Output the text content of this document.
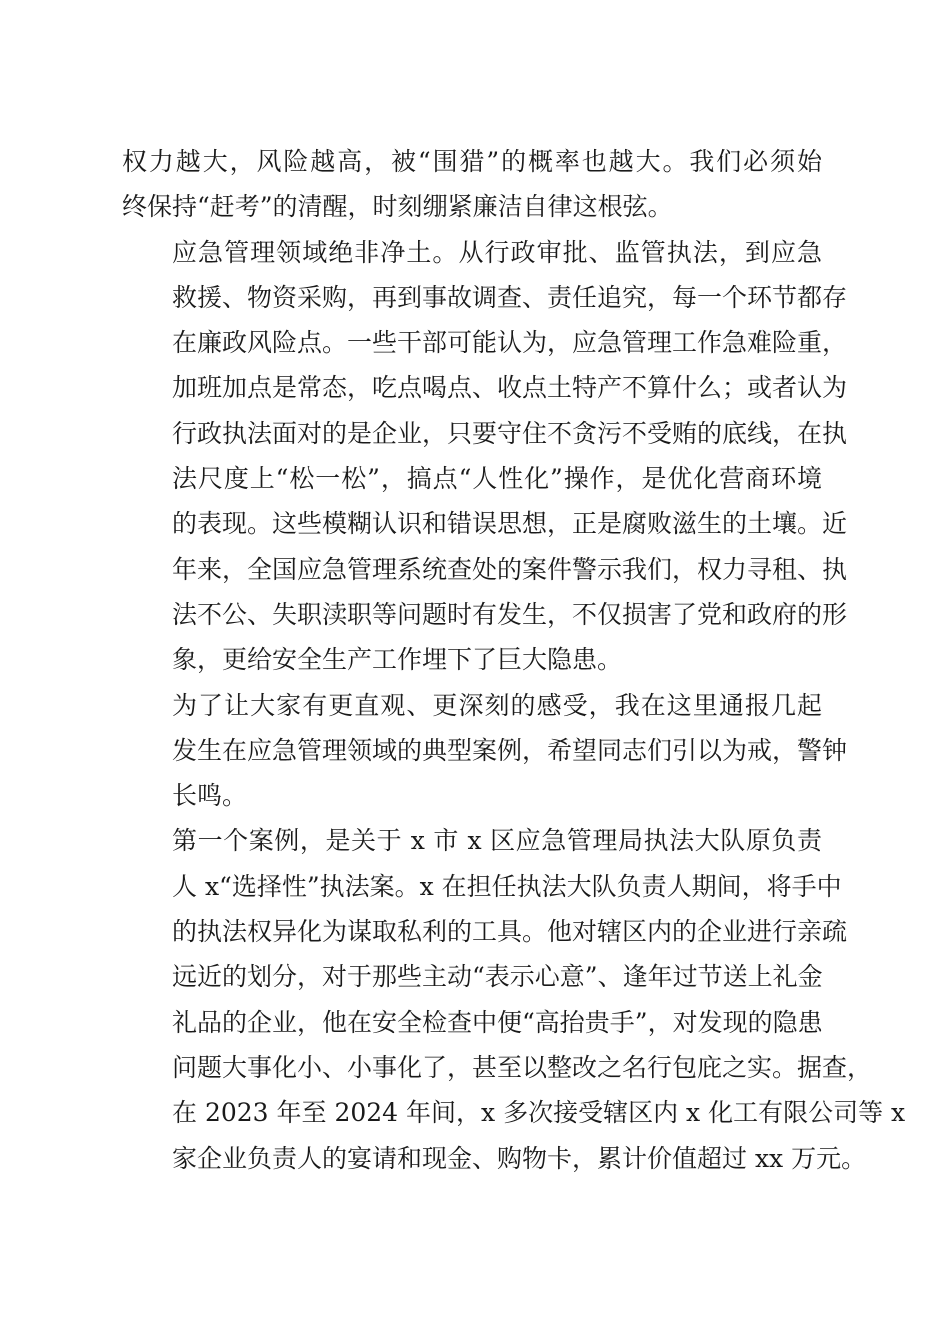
权力越大，风险越高，被“围猎”的概率也越大。我们必须始
终保持“赶考”的清醒，时刻绷紧廉洁自律这根弦。

应急管理领域绝非净土。从行政审批、监管执法，到应急
救援、物资采购，再到事故调查、责任追究，每一个环节都存
在廉政风险点。一些干部可能认为，应急管理工作急难险重，
加班加点是常态，吃点喝点、收点土特产不算什么；或者认为
行政执法面对的是企业，只要守住不贪污不受贿的底线，在执
法尺度上“松一松”，搞点“人性化”操作，是优化营商环境
的表现。这些模糊认识和错误思想，正是腐败滋生的土壤。近
年来，全国应急管理系统查处的案件警示我们，权力寻租、执
法不公、失职渎职等问题时有发生，不仅损害了党和政府的形
象，更给安全生产工作埋下了巨大隐患。

为了让大家有更直观、更深刻的感受，我在这里通报几起
发生在应急管理领域的典型案例，希望同志们引以为戒，警钟
长鸣。

第一个案例，是关于 x 市 x 区应急管理局执法大队原负责
人 x“选择性”执法案。x 在担任执法大队负责人期间，将手中
的执法权异化为谋取私利的工具。他对辖区内的企业进行亲疏
远近的划分，对于那些主动“表示心意”、逢年过节送上礼金
礼品的企业，他在安全检查中便“高抬贵手”，对发现的隐患
问题大事化小、小事化了，甚至以整改之名行包庇之实。据查，
在 2023 年至 2024 年间，x 多次接受辖区内 x 化工有限公司等 x
家企业负责人的宴请和现金、购物卡，累计价值超过 xx 万元。
